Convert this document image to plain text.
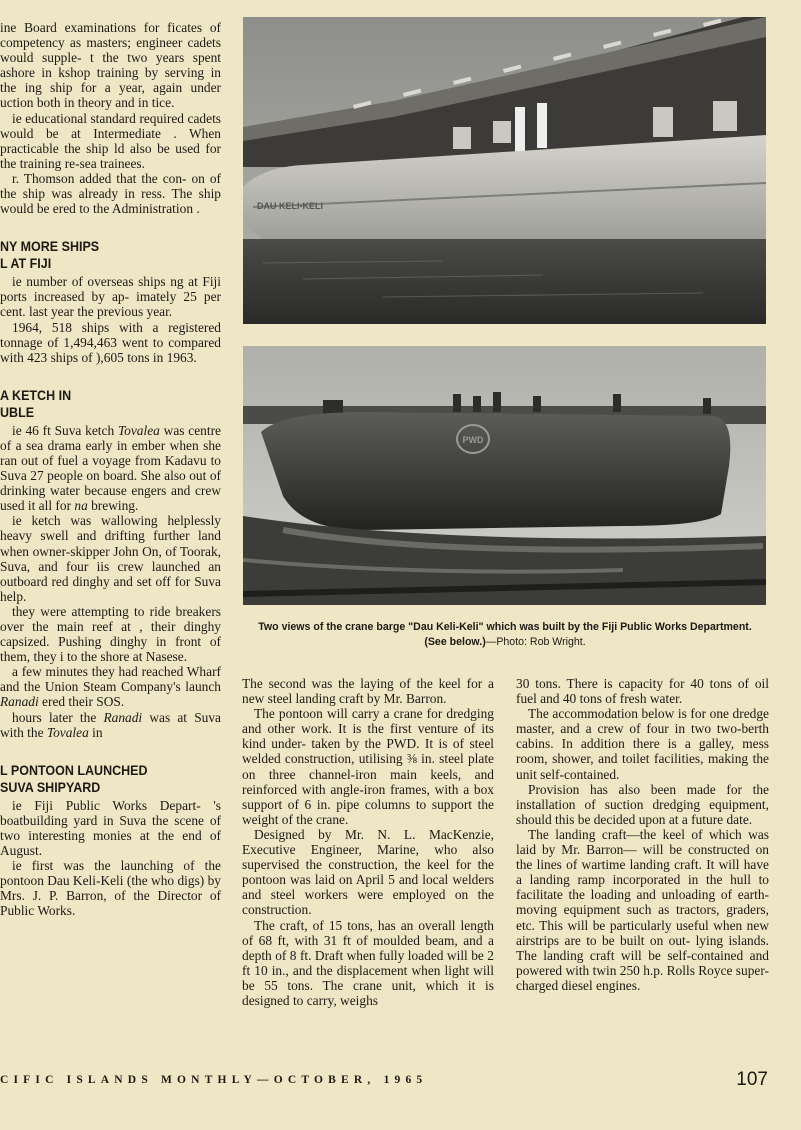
ine Board examinations for ficates of competency as masters; engineer cadets would supple- t the two years spent ashore in kshop training by serving in the ing ship for a year, again under uction both in theory and in tice.

ie educational standard required cadets would be at Intermediate . When practicable the ship ld also be used for the training re-sea trainees.

r. Thomson added that the con- on of the ship was already in ress. The ship would be ered to the Administration .

NY MORE SHIPS
L AT FIJI

ie number of overseas ships ng at Fiji ports increased by ap- imately 25 per cent. last year the previous year.

1964, 518 ships with a registered tonnage of 1,494,463 went to compared with 423 ships of ),605 tons in 1963.

A KETCH IN
UBLE

ie 46 ft Suva ketch Tovalea was centre of a sea drama early in ember when she ran out of fuel a voyage from Kadavu to Suva 27 people on board. She also out of drinking water because engers and crew used it all for na brewing.

ie ketch was wallowing helplessly heavy swell and drifting further land when owner-skipper John On, of Toorak, Suva, and four iis crew launched an outboard red dinghy and set off for Suva help.

they were attempting to ride breakers over the main reef at , their dinghy capsized. Pushing dinghy in front of them, they i to the shore at Nasese.

a few minutes they had reached Wharf and the Union Steam Company's launch Ranadi ered their SOS.

hours later the Ranadi was at Suva with the Tovalea in

L PONTOON LAUNCHED
SUVA SHIPYARD

ie Fiji Public Works Depart- 's boatbuilding yard in Suva the scene of two interesting monies at the end of August.

ie first was the launching of the pontoon Dau Keli-Keli (the who digs) by Mrs. J. P. Barron, of the Director of Public Works.

DAU KELI-KELI
PWD
Two views of the crane barge "Dau Keli-Keli" which was built by the Fiji Public Works Department. (See below.)—Photo: Rob Wright.

The second was the laying of the keel for a new steel landing craft by Mr. Barron.

The pontoon will carry a crane for dredging and other work. It is the first venture of its kind under- taken by the PWD. It is of steel welded construction, utilising ⅜ in. steel plate on three channel-iron main keels, and reinforced with angle-iron frames, with a box support of 6 in. pipe columns to support the weight of the crane.

Designed by Mr. N. L. MacKenzie, Executive Engineer, Marine, who also supervised the construction, the keel for the pontoon was laid on April 5 and local welders and steel workers were employed on the construction.

The craft, of 15 tons, has an overall length of 68 ft, with 31 ft of moulded beam, and a depth of 8 ft. Draft when fully loaded will be 2 ft 10 in., and the displacement when light will be 55 tons. The crane unit, which it is designed to carry, weighs

30 tons. There is capacity for 40 tons of oil fuel and 40 tons of fresh water.

The accommodation below is for one dredge master, and a crew of four in two two-berth cabins. In addition there is a galley, mess room, shower, and toilet facilities, making the unit self-contained.

Provision has also been made for the installation of suction dredging equipment, should this be decided upon at a future date.

The landing craft—the keel of which was laid by Mr. Barron— will be constructed on the lines of wartime landing craft. It will have a landing ramp incorporated in the hull to facilitate the loading and unloading of earth-moving equipment such as tractors, graders, etc. This will be particularly useful when new airstrips are to be built on out- lying islands. The landing craft will be self-contained and powered with twin 250 h.p. Rolls Royce super- charged diesel engines.

CIFIC ISLANDS MONTHLY—OCTOBER, 1965	107
